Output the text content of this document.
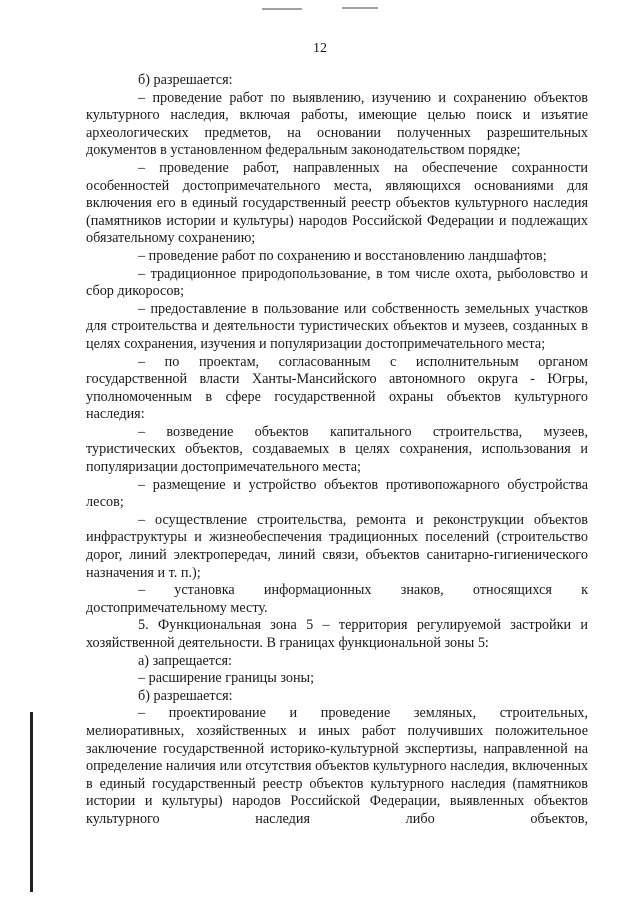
12

б) разрешается:

– проведение работ по выявлению, изучению и сохранению объектов культурного наследия, включая работы, имеющие целью поиск и изъятие археологических предметов, на основании полученных разрешительных документов в установленном федеральным законодательством порядке;

– проведение работ, направленных на обеспечение сохранности особенностей достопримечательного места, являющихся основаниями для включения его в единый государственный реестр объектов культурного наследия (памятников истории и культуры) народов Российской Федерации и подлежащих обязательному сохранению;

– проведение работ по сохранению и восстановлению ландшафтов;

– традиционное природопользование, в том числе охота, рыболовство и сбор дикоросов;

– предоставление в пользование или собственность земельных участков для строительства и деятельности туристических объектов и музеев, созданных в целях сохранения, изучения и популяризации достопримечательного места;

– по проектам, согласованным с исполнительным органом государственной власти Ханты-Мансийского автономного округа - Югры, уполномоченным в сфере государственной охраны объектов культурного наследия:

– возведение объектов капитального строительства, музеев, туристических объектов, создаваемых в целях сохранения, использования и популяризации достопримечательного места;

– размещение и устройство объектов противопожарного обустройства лесов;

– осуществление строительства, ремонта и реконструкции объектов инфраструктуры и жизнеобеспечения традиционных поселений (строительство дорог, линий электропередач, линий связи, объектов санитарно-гигиенического назначения и т. п.);

– установка информационных знаков, относящихся к достопримечательному месту.

5. Функциональная зона 5 – территория регулируемой застройки и хозяйственной деятельности. В границах функциональной зоны 5:

а) запрещается:

– расширение границы зоны;

б) разрешается:

– проектирование и проведение земляных, строительных, мелиоративных, хозяйственных и иных работ получивших положительное заключение государственной историко-культурной экспертизы, направленной на определение наличия или отсутствия объектов культурного наследия, включенных в единый государственный реестр объектов культурного наследия (памятников истории и культуры) народов Российской Федерации, выявленных объектов культурного наследия либо объектов,
